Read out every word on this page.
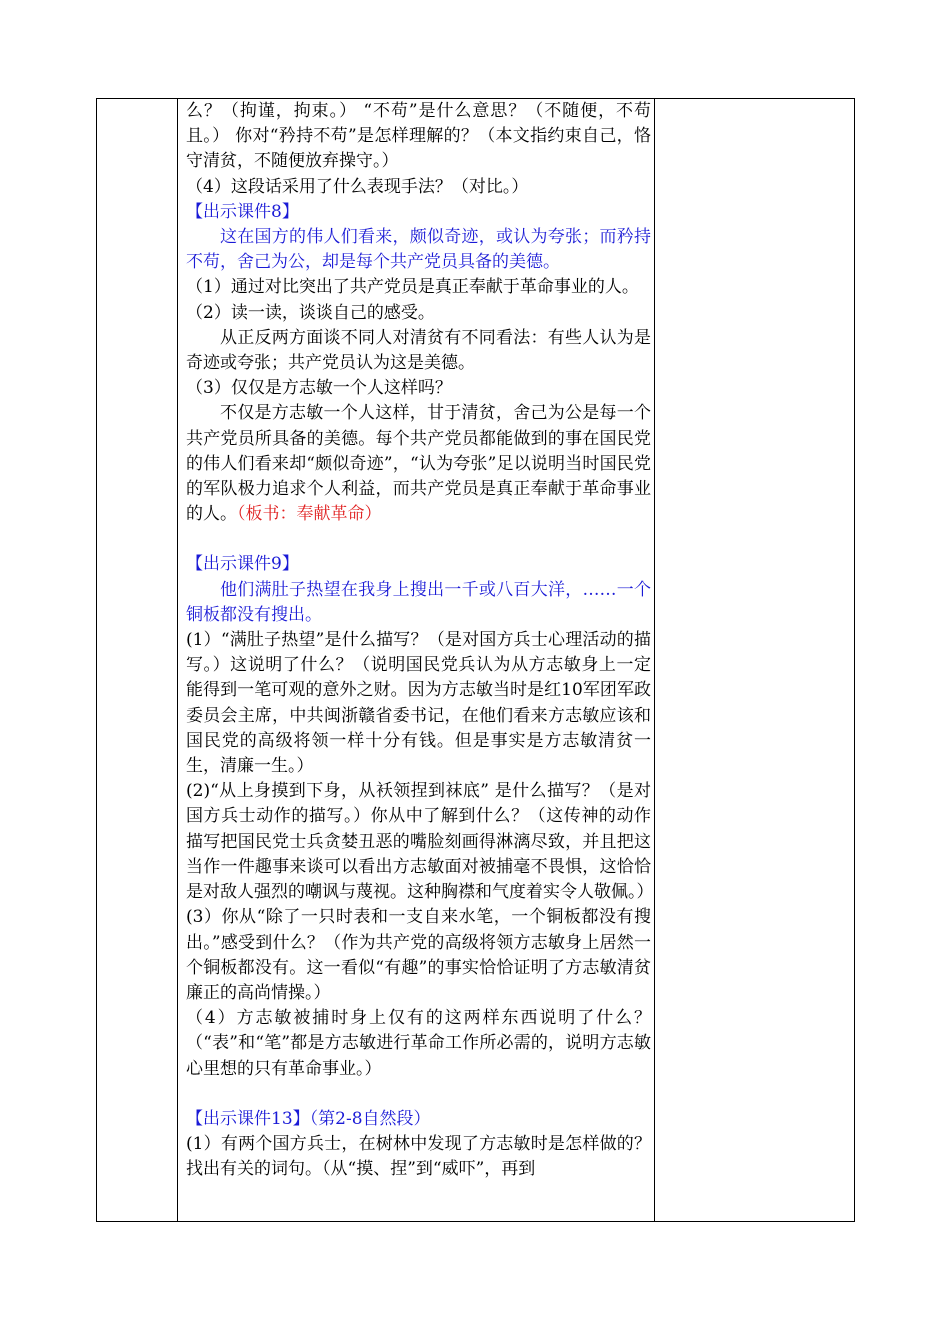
么？（拘谨，拘束。） “不苟”是什么意思？（不随便，不苟且。） 你对“矜持不苟”是怎样理解的？（本文指约束自己，恪守清贫，不随便放弃操守。）

（4）这段话采用了什么表现手法？（对比。）

【出示课件8】

这在国方的伟人们看来，颇似奇迹，或认为夸张；而矜持不苟，舍己为公，却是每个共产党员具备的美德。

（1）通过对比突出了共产党员是真正奉献于革命事业的人。

（2）读一读，谈谈自己的感受。

从正反两方面谈不同人对清贫有不同看法：有些人认为是奇迹或夸张；共产党员认为这是美德。

（3）仅仅是方志敏一个人这样吗？

不仅是方志敏一个人这样，甘于清贫，舍己为公是每一个共产党员所具备的美德。每个共产党员都能做到的事在国民党的伟人们看来却“颇似奇迹”，“认为夸张”足以说明当时国民党的军队极力追求个人利益，而共产党员是真正奉献于革命事业的人。（板书：奉献革命）

【出示课件9】

他们满肚子热望在我身上搜出一千或八百大洋，……一个铜板都没有搜出。

(1）“满肚子热望”是什么描写？（是对国方兵士心理活动的描写。）这说明了什么？（说明国民党兵认为从方志敏身上一定能得到一笔可观的意外之财。因为方志敏当时是红10军团军政委员会主席，中共闽浙赣省委书记，在他们看来方志敏应该和国民党的高级将领一样十分有钱。但是事实是方志敏清贫一生，清廉一生。）

(2)“从上身摸到下身，从袄领捏到袜底” 是什么描写？（是对国方兵士动作的描写。）你从中了解到什么？（这传神的动作描写把国民党士兵贪婪丑恶的嘴脸刻画得淋漓尽致，并且把这当作一件趣事来谈可以看出方志敏面对被捕毫不畏惧，这恰恰是对敌人强烈的嘲讽与蔑视。这种胸襟和气度着实令人敬佩。）

(3）你从“除了一只时表和一支自来水笔，一个铜板都没有搜出。”感受到什么？（作为共产党的高级将领方志敏身上居然一个铜板都没有。这一看似“有趣”的事实恰恰证明了方志敏清贫廉正的高尚情操。）

（4）方志敏被捕时身上仅有的这两样东西说明了什么？（“表”和“笔”都是方志敏进行革命工作所必需的，说明方志敏心里想的只有革命事业。）

【出示课件13】（第2-8自然段）

(1）有两个国方兵士，在树林中发现了方志敏时是怎样做的？找出有关的词句。（从“摸、捏”到“威吓”，再到
